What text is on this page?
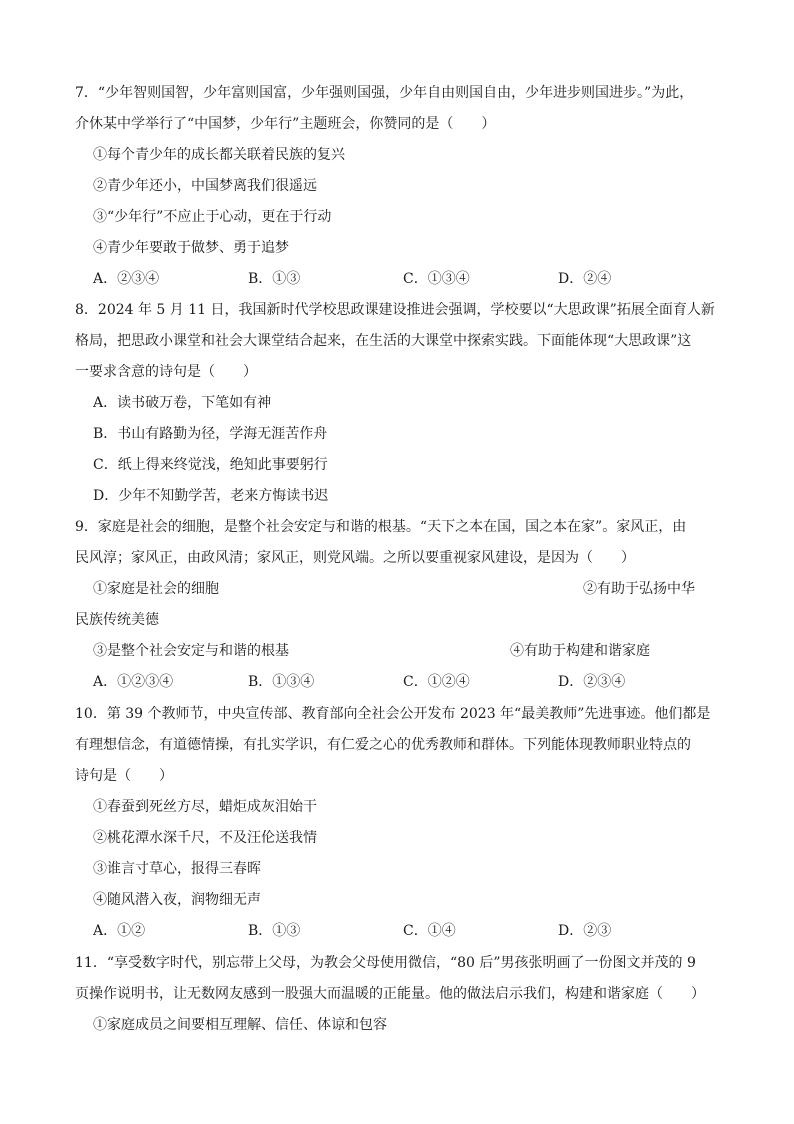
7．“少年智则国智，少年富则国富，少年强则国强，少年自由则国自由，少年进步则国进步。”为此，
介休某中学举行了“中国梦，少年行”主题班会，你赞同的是（　　）
①每个青少年的成长都关联着民族的复兴
②青少年还小，中国梦离我们很遥远
③“少年行”不应止于心动，更在于行动
④青少年要敢于做梦、勇于追梦
A．②③④	B．①③	C．①③④	D．②④
8．2024 年 5 月 11 日，我国新时代学校思政课建设推进会强调，学校要以“大思政课”拓展全面育人新
格局，把思政小课堂和社会大课堂结合起来，在生活的大课堂中探索实践。下面能体现“大思政课”这
一要求含意的诗句是（　　）
A．读书破万卷，下笔如有神
B．书山有路勤为径，学海无涯苦作舟
C．纸上得来终觉浅，绝知此事要躬行
D．少年不知勤学苦，老来方悔读书迟
9．家庭是社会的细胞，是整个社会安定与和谐的根基。“天下之本在国，国之本在家”。家风正，由
民风淳；家风正，由政风清；家风正，则党风端。之所以要重视家风建设，是因为（　　）
①家庭是社会的细胞	②有助于弘扬中华
民族传统美德
③是整个社会安定与和谐的根基	④有助于构建和谐家庭
A．①②③④	B．①③④	C．①②④	D．②③④
10．第 39 个教师节，中央宣传部、教育部向全社会公开发布 2023 年“最美教师”先进事迹。他们都是
有理想信念，有道德情操，有扎实学识，有仁爱之心的优秀教师和群体。下列能体现教师职业特点的
诗句是（　　）
①春蚕到死丝方尽，蜡炬成灰泪始干
②桃花潭水深千尺，不及汪伦送我情
③谁言寸草心，报得三春晖
④随风潜入夜，润物细无声
A．①②	B．①③	C．①④	D．②③
11．“享受数字时代，别忘带上父母，为教会父母使用微信，“80 后”男孩张明画了一份图文并茂的 9
页操作说明书，让无数网友感到一股强大而温暖的正能量。他的做法启示我们，构建和谐家庭（　　）
①家庭成员之间要相互理解、信任、体谅和包容
